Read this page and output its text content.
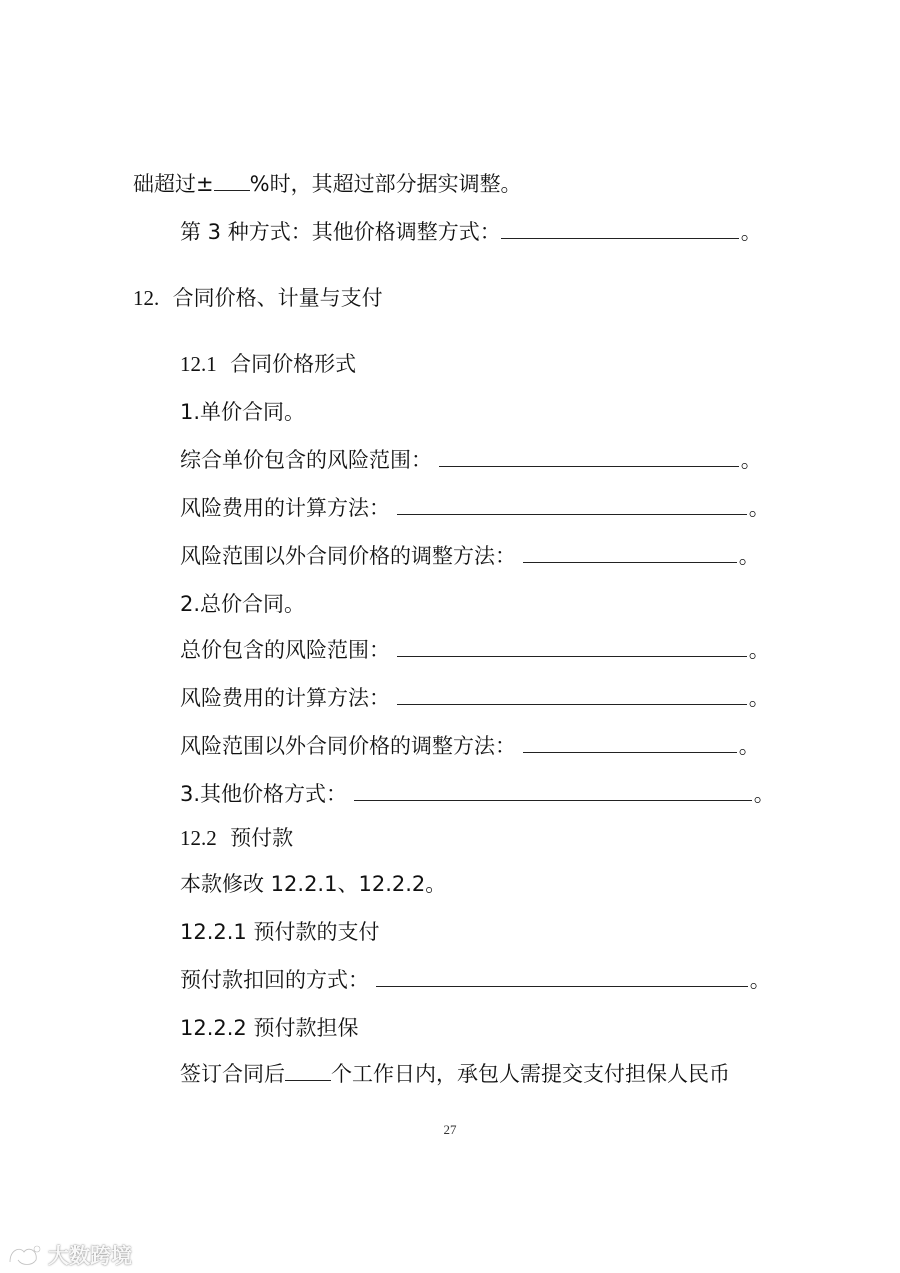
础超过± %时，其超过部分据实调整。
第 3 种方式：其他价格调整方式：	。
12. 合同价格、计量与支付
12.1 合同价格形式
1.单价合同。
综合单价包含的风险范围：	。
风险费用的计算方法：	。
风险范围以外合同价格的调整方法：	。
2.总价合同。
总价包含的风险范围：	。
风险费用的计算方法：	。
风险范围以外合同价格的调整方法：	。
3.其他价格方式：	。
12.2 预付款
本款修改 12.2.1、12.2.2。
12.2.1 预付款的支付
预付款扣回的方式：	。
12.2.2 预付款担保
签订合同后 个工作日内，承包人需提交支付担保人民币
27
大数跨境
